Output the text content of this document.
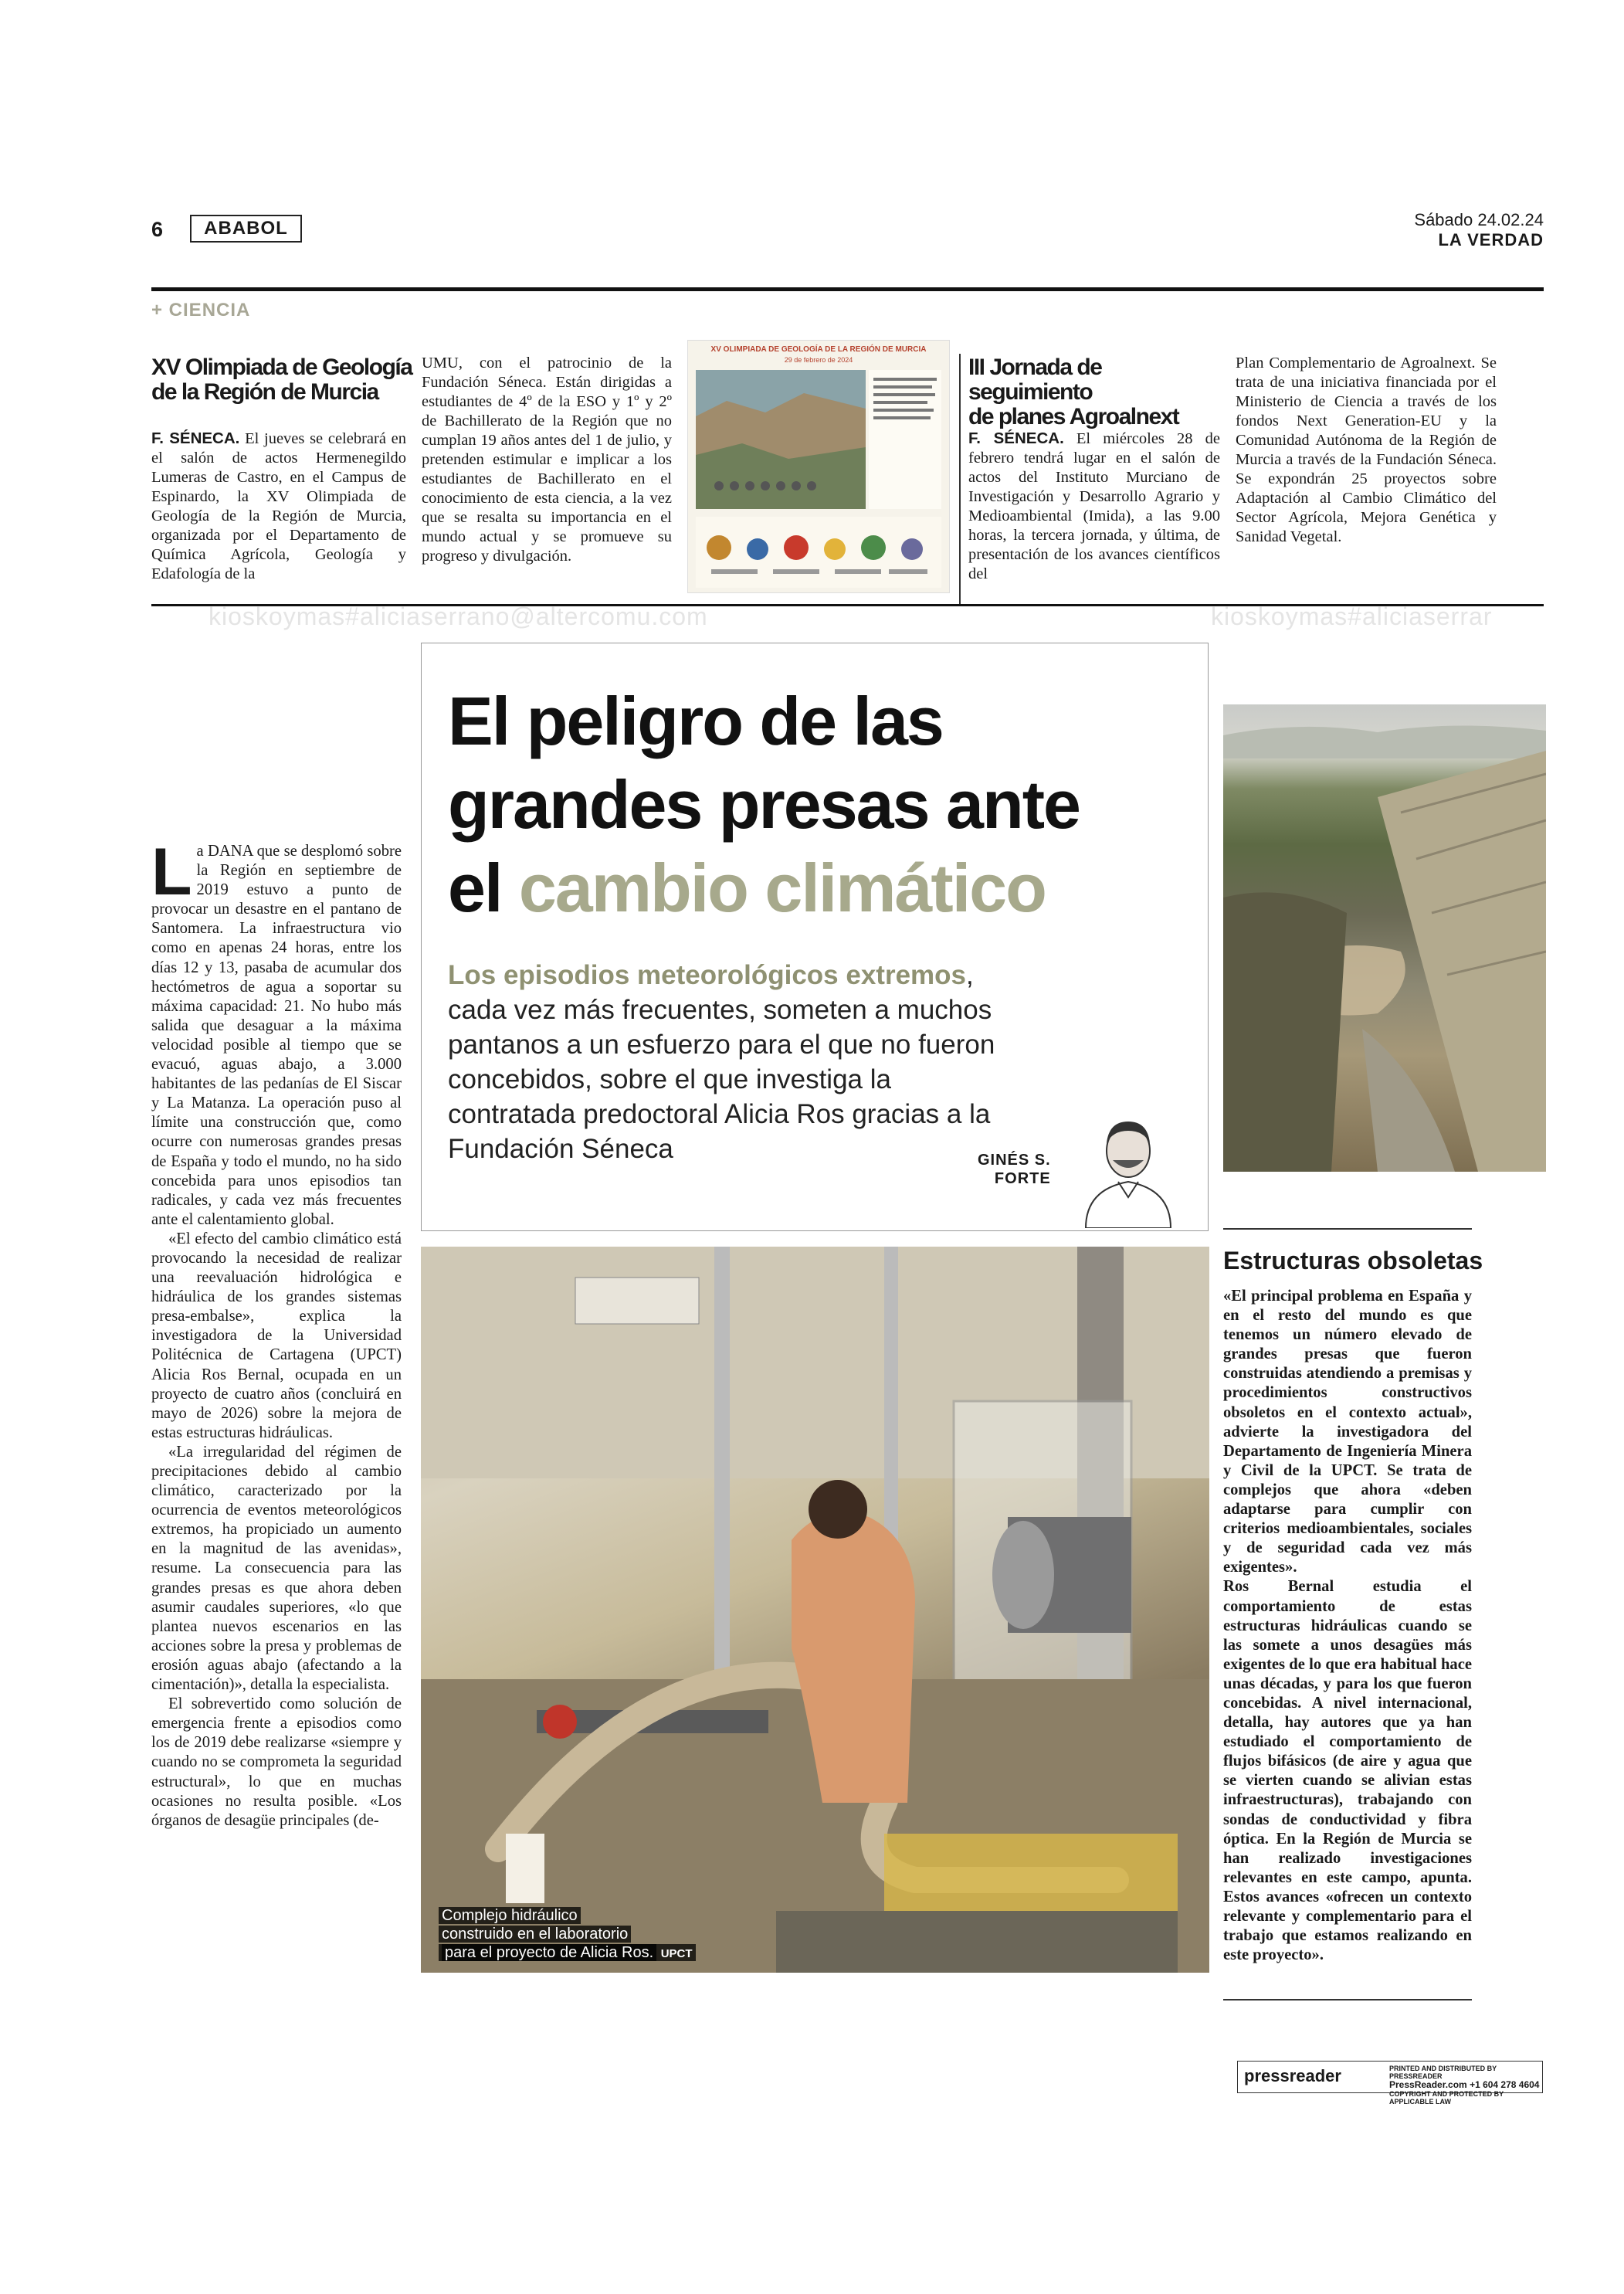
6	ABABOL	Sábado 24.02.24
LA VERDAD
+ CIENCIA
XV Olimpiada de Geología
de la Región de Murcia
F. SÉNECA. El jueves se celebrará en el salón de actos Hermenegildo Lumeras de Castro, en el Campus de Espinardo, la XV Olimpiada de Geología de la Región de Murcia, organizada por el Departamento de Química Agrícola, Geología y Edafología de la
UMU, con el patrocinio de la Fundación Séneca. Están dirigidas a estudiantes de 4º de la ESO y 1º y 2º de Bachillerato de la Región que no cumplan 19 años antes del 1 de julio, y pretenden estimular e implicar a los estudiantes de Bachillerato en el conocimiento de esta ciencia, a la vez que se resalta su importancia en el mundo actual y se promueve su progreso y divulgación.
XV OLIMPIADA DE GEOLOGÍA DE LA REGIÓN DE MURCIA
29 de febrero de 2024	III Jornada de seguimiento
de planes Agroalnext
F. SÉNECA. El miércoles 28 de febrero tendrá lugar en el salón de actos del Instituto Murciano de Investigación y Desarrollo Agrario y Medioambiental (Imida), a las 9.00 horas, la tercera jornada, y última, de presentación de los avances científicos del
Plan Complementario de Agroalnext. Se trata de una iniciativa financiada por el Ministerio de Ciencia a través de los fondos Next Generation-EU y la Comunidad Autónoma de la Región de Murcia a través de la Fundación Séneca. Se expondrán 25 proyectos sobre Adaptación al Cambio Climático del Sector Agrícola, Mejora Genética y Sanidad Vegetal.
kioskoymas#aliciaserrano@altercomu.com	kioskoymas#aliciaserrar
El peligro de las
grandes presas ante
el cambio climático
Los episodios meteorológicos extremos, cada vez más frecuentes, someten a muchos pantanos a un esfuerzo para el que no fueron concebidos, sobre el que investiga la contratada predoctoral Alicia Ros gracias a la Fundación Séneca	GINÉS S.
FORTE

La DANA que se desplomó sobre la Región en septiembre de 2019 estuvo a punto de provocar un desastre en el pantano de Santomera. La infraestructura vio como en apenas 24 horas, entre los días 12 y 13, pasaba de acumular dos hectómetros de agua a soportar su máxima capacidad: 21. No hubo más salida que desaguar a la máxima velocidad posible al tiempo que se evacuó, aguas abajo, a 3.000 habitantes de las pedanías de El Siscar y La Matanza. La operación puso al límite una construcción que, como ocurre con numerosas grandes presas de España y todo el mundo, no ha sido concebida para unos episodios tan radicales, y cada vez más frecuentes ante el calentamiento global.

«El efecto del cambio climático está provocando la necesidad de realizar una reevaluación hidrológica e hidráulica de los grandes sistemas presa-embalse», explica la investigadora de la Universidad Politécnica de Cartagena (UPCT) Alicia Ros Bernal, ocupada en un proyecto de cuatro años (concluirá en mayo de 2026) sobre la mejora de estas estructuras hidráulicas.

«La irregularidad del régimen de precipitaciones debido al cambio climático, caracterizado por la ocurrencia de eventos meteorológicos extremos, ha propiciado un aumento en la magnitud de las avenidas», resume. La consecuencia para las grandes presas es que ahora deben asumir caudales superiores, «lo que plantea nuevos escenarios en las acciones sobre la presa y problemas de erosión aguas abajo (afectando a la cimentación)», detalla la especialista.

El sobrevertido como solución de emergencia frente a episodios como los de 2019 debe realizarse «siempre y cuando no se comprometa la seguridad estructural», lo que en muchas ocasiones no resulta posible. «Los órganos de desagüe principales (de-

Complejo hidráulico
construido en el laboratorio
para el proyecto de Alicia Ros. UPCT
Estructuras obsoletas

«El principal problema en España y en el resto del mundo es que tenemos un número elevado de grandes presas que fueron construidas atendiendo a premisas y procedimientos constructivos obsoletos en el contexto actual», advierte la investigadora del Departamento de Ingeniería Minera y Civil de la UPCT. Se trata de complejos que ahora «deben adaptarse para cumplir con criterios medioambientales, sociales y de seguridad cada vez más exigentes».

Ros Bernal estudia el comportamiento de estas estructuras hidráulicas cuando se las somete a unos desagües más exigentes de lo que era habitual hace unas décadas, y para los que fueron concebidas. A nivel internacional, detalla, hay autores que ya han estudiado el comportamiento de flujos bifásicos (de aire y agua que se vierten cuando se alivian estas infraestructuras), trabajando con sondas de conductividad y fibra óptica. En la Región de Murcia se han realizado investigaciones relevantes en este campo, apunta. Estos avances «ofrecen un contexto relevante y complementario para el trabajo que estamos realizando en este proyecto».

pressreader	PRINTED AND DISTRIBUTED BY PRESSREADER
PressReader.com +1 604 278 4604
COPYRIGHT AND PROTECTED BY APPLICABLE LAW
